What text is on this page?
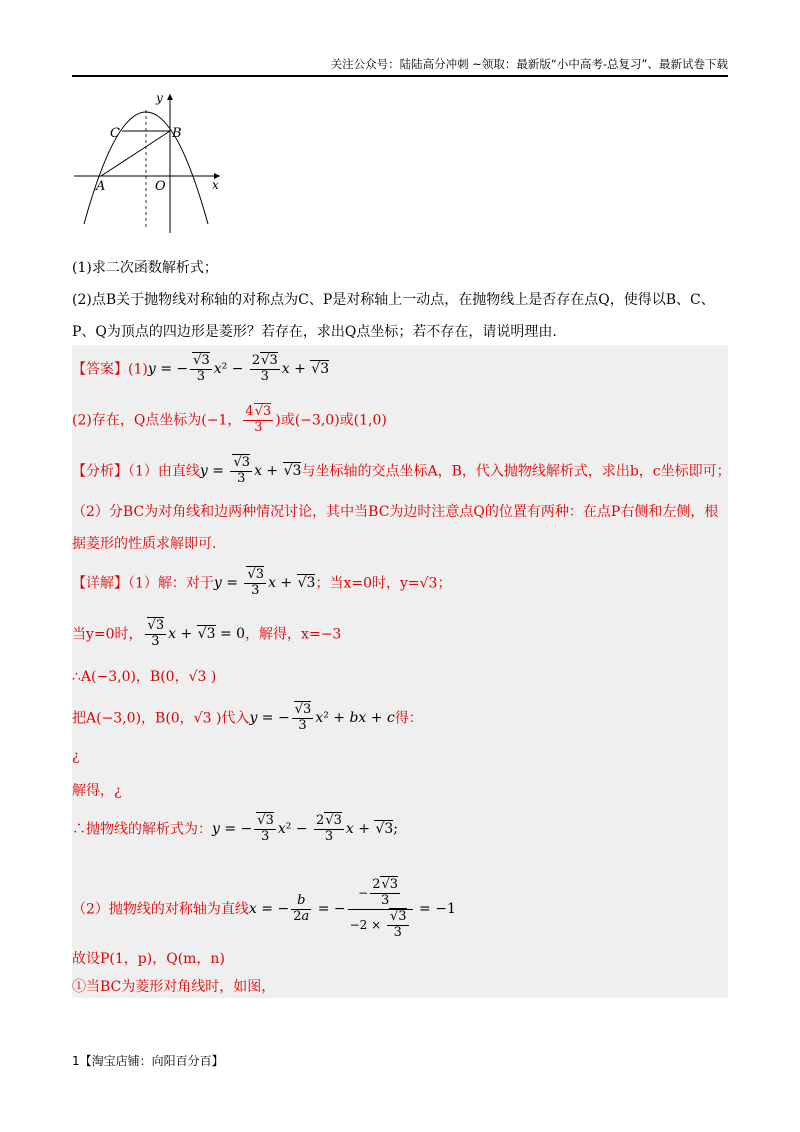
关注公众号：陆陆高分冲刺 ~领取：最新版“小中高考-总复习”、最新试卷下载
y
x
C	B
A	O
(1)求二次函数解析式；
(2)点B关于抛物线对称轴的对称点为C、P是对称轴上一动点，在抛物线上是否存在点Q，使得以B、C、
P、Q为顶点的四边形是菱形？若存在，求出Q点坐标；若不存在，请说明理由.
【答案】(1)y = −
√ $\frac{3}{3} x^2 - \frac{2√ 3}{3}$ x + √ 3
(2)存在，Q点坐标为(−1， $\frac{4√ 3}{3}$ )或(−3,0)或(1,0)
【分析】（1）由直线y =
√ $\frac{3}{3}$ x + √ 3与坐标轴的交点坐标A，B，代入抛物线解析式，求出b，c坐标即可；
（2）分BC为对角线和边两种情况讨论，其中当BC为边时注意点Q的位置有两种：在点P右侧和左侧，根
据菱形的性质求解即可.
【详解】（1）解：对于y =
√ $\frac{3}{3}$ x + √ 3；当x=0时，y=√3；
当y=0时，
√ $\frac{3}{3}$ x + √ 3 = 0，解得，x=−3
∴A(−3,0)，B(0，√3 )
把A(−3,0)，B(0，√3 )代入y = −
√ $\frac{3}{3} x^2$ + bx + c得：
¿
解得，¿
∴抛物线的解析式为：y = −
√ $\frac{3}{3} x^2 - \frac{2√ 3}{3}$ x + √ 3;
（2）抛物线的对称轴为直线x = − $\frac{b}{2a}$ = − − $\frac{2√ 3}{3}$
−2 ×
√ $\frac{3}{3} = -1$
故设P(1，p)，Q(m，n)
①当BC为菱形对角线时，如图，
1【淘宝店铺：向阳百分百】
